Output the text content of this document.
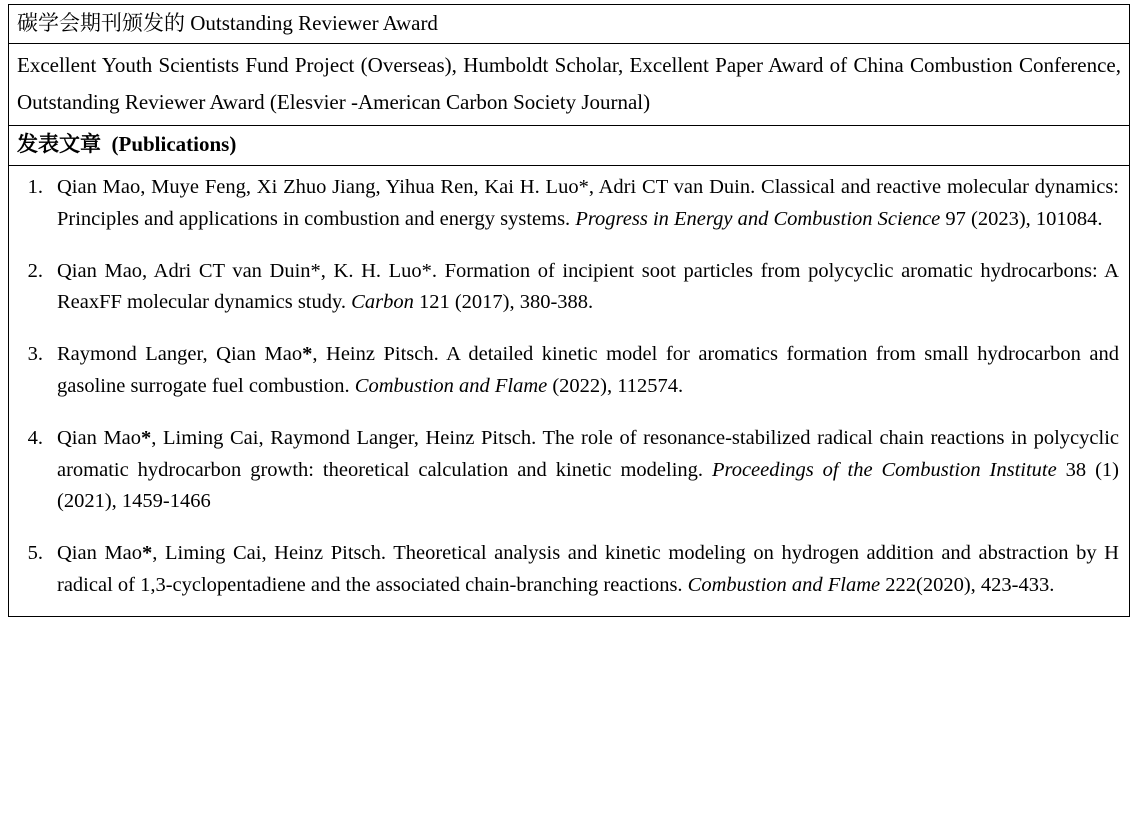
碳学会期刊颁发的 Outstanding Reviewer Award

Excellent Youth Scientists Fund Project (Overseas), Humboldt Scholar, Excellent Paper Award of China Combustion Conference, Outstanding Reviewer Award (Elesvier -American Carbon Society Journal)

发表文章 (Publications)

1. Qian Mao, Muye Feng, Xi Zhuo Jiang, Yihua Ren, Kai H. Luo*, Adri CT van Duin. Classical and reactive molecular dynamics: Principles and applications in combustion and energy systems. Progress in Energy and Combustion Science 97 (2023), 101084.
2. Qian Mao, Adri CT van Duin*, K. H. Luo*. Formation of incipient soot particles from polycyclic aromatic hydrocarbons: A ReaxFF molecular dynamics study. Carbon 121 (2017), 380-388.
3. Raymond Langer, Qian Mao*, Heinz Pitsch. A detailed kinetic model for aromatics formation from small hydrocarbon and gasoline surrogate fuel combustion. Combustion and Flame (2022), 112574.
4. Qian Mao*, Liming Cai, Raymond Langer, Heinz Pitsch. The role of resonance-stabilized radical chain reactions in polycyclic aromatic hydrocarbon growth: theoretical calculation and kinetic modeling. Proceedings of the Combustion Institute 38 (1) (2021), 1459-1466
5. Qian Mao*, Liming Cai, Heinz Pitsch. Theoretical analysis and kinetic modeling on hydrogen addition and abstraction by H radical of 1,3-cyclopentadiene and the associated chain-branching reactions. Combustion and Flame 222(2020), 423-433.
